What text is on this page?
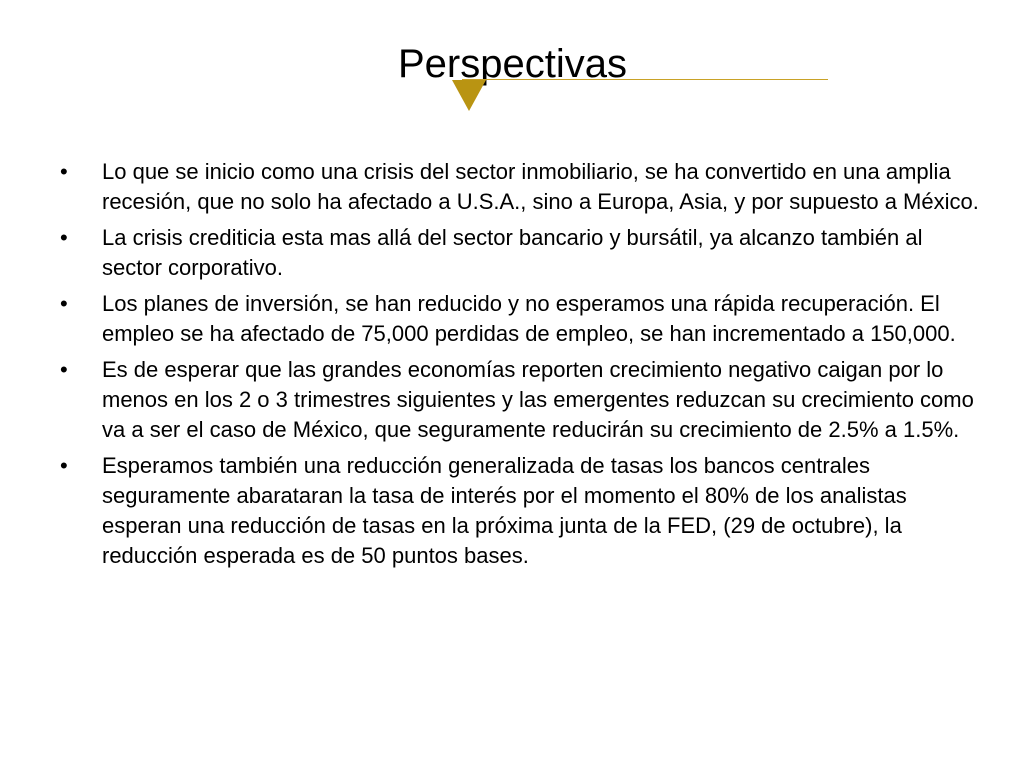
Perspectivas
•	Lo que se inicio como una crisis del sector inmobiliario, se ha convertido en una amplia recesión, que no solo ha afectado a U.S.A., sino a Europa, Asia, y por supuesto a México.
•	La crisis crediticia esta mas allá del sector bancario y bursátil, ya alcanzo también al sector corporativo.
•	Los planes de inversión, se han reducido y no esperamos una rápida recuperación. El empleo se ha afectado de 75,000 perdidas de empleo, se han incrementado a 150,000.
•	Es de esperar que las grandes economías reporten crecimiento negativo caigan por lo menos en los 2 o 3 trimestres siguientes y las emergentes reduzcan su crecimiento como va a ser el caso de México, que seguramente reducirán su crecimiento de 2.5% a 1.5%.
•	Esperamos también una reducción generalizada de tasas los bancos centrales seguramente abarataran la tasa de interés por el momento el 80% de los analistas esperan una reducción de tasas en la próxima junta de la FED, (29 de octubre), la reducción esperada es de 50 puntos bases.
